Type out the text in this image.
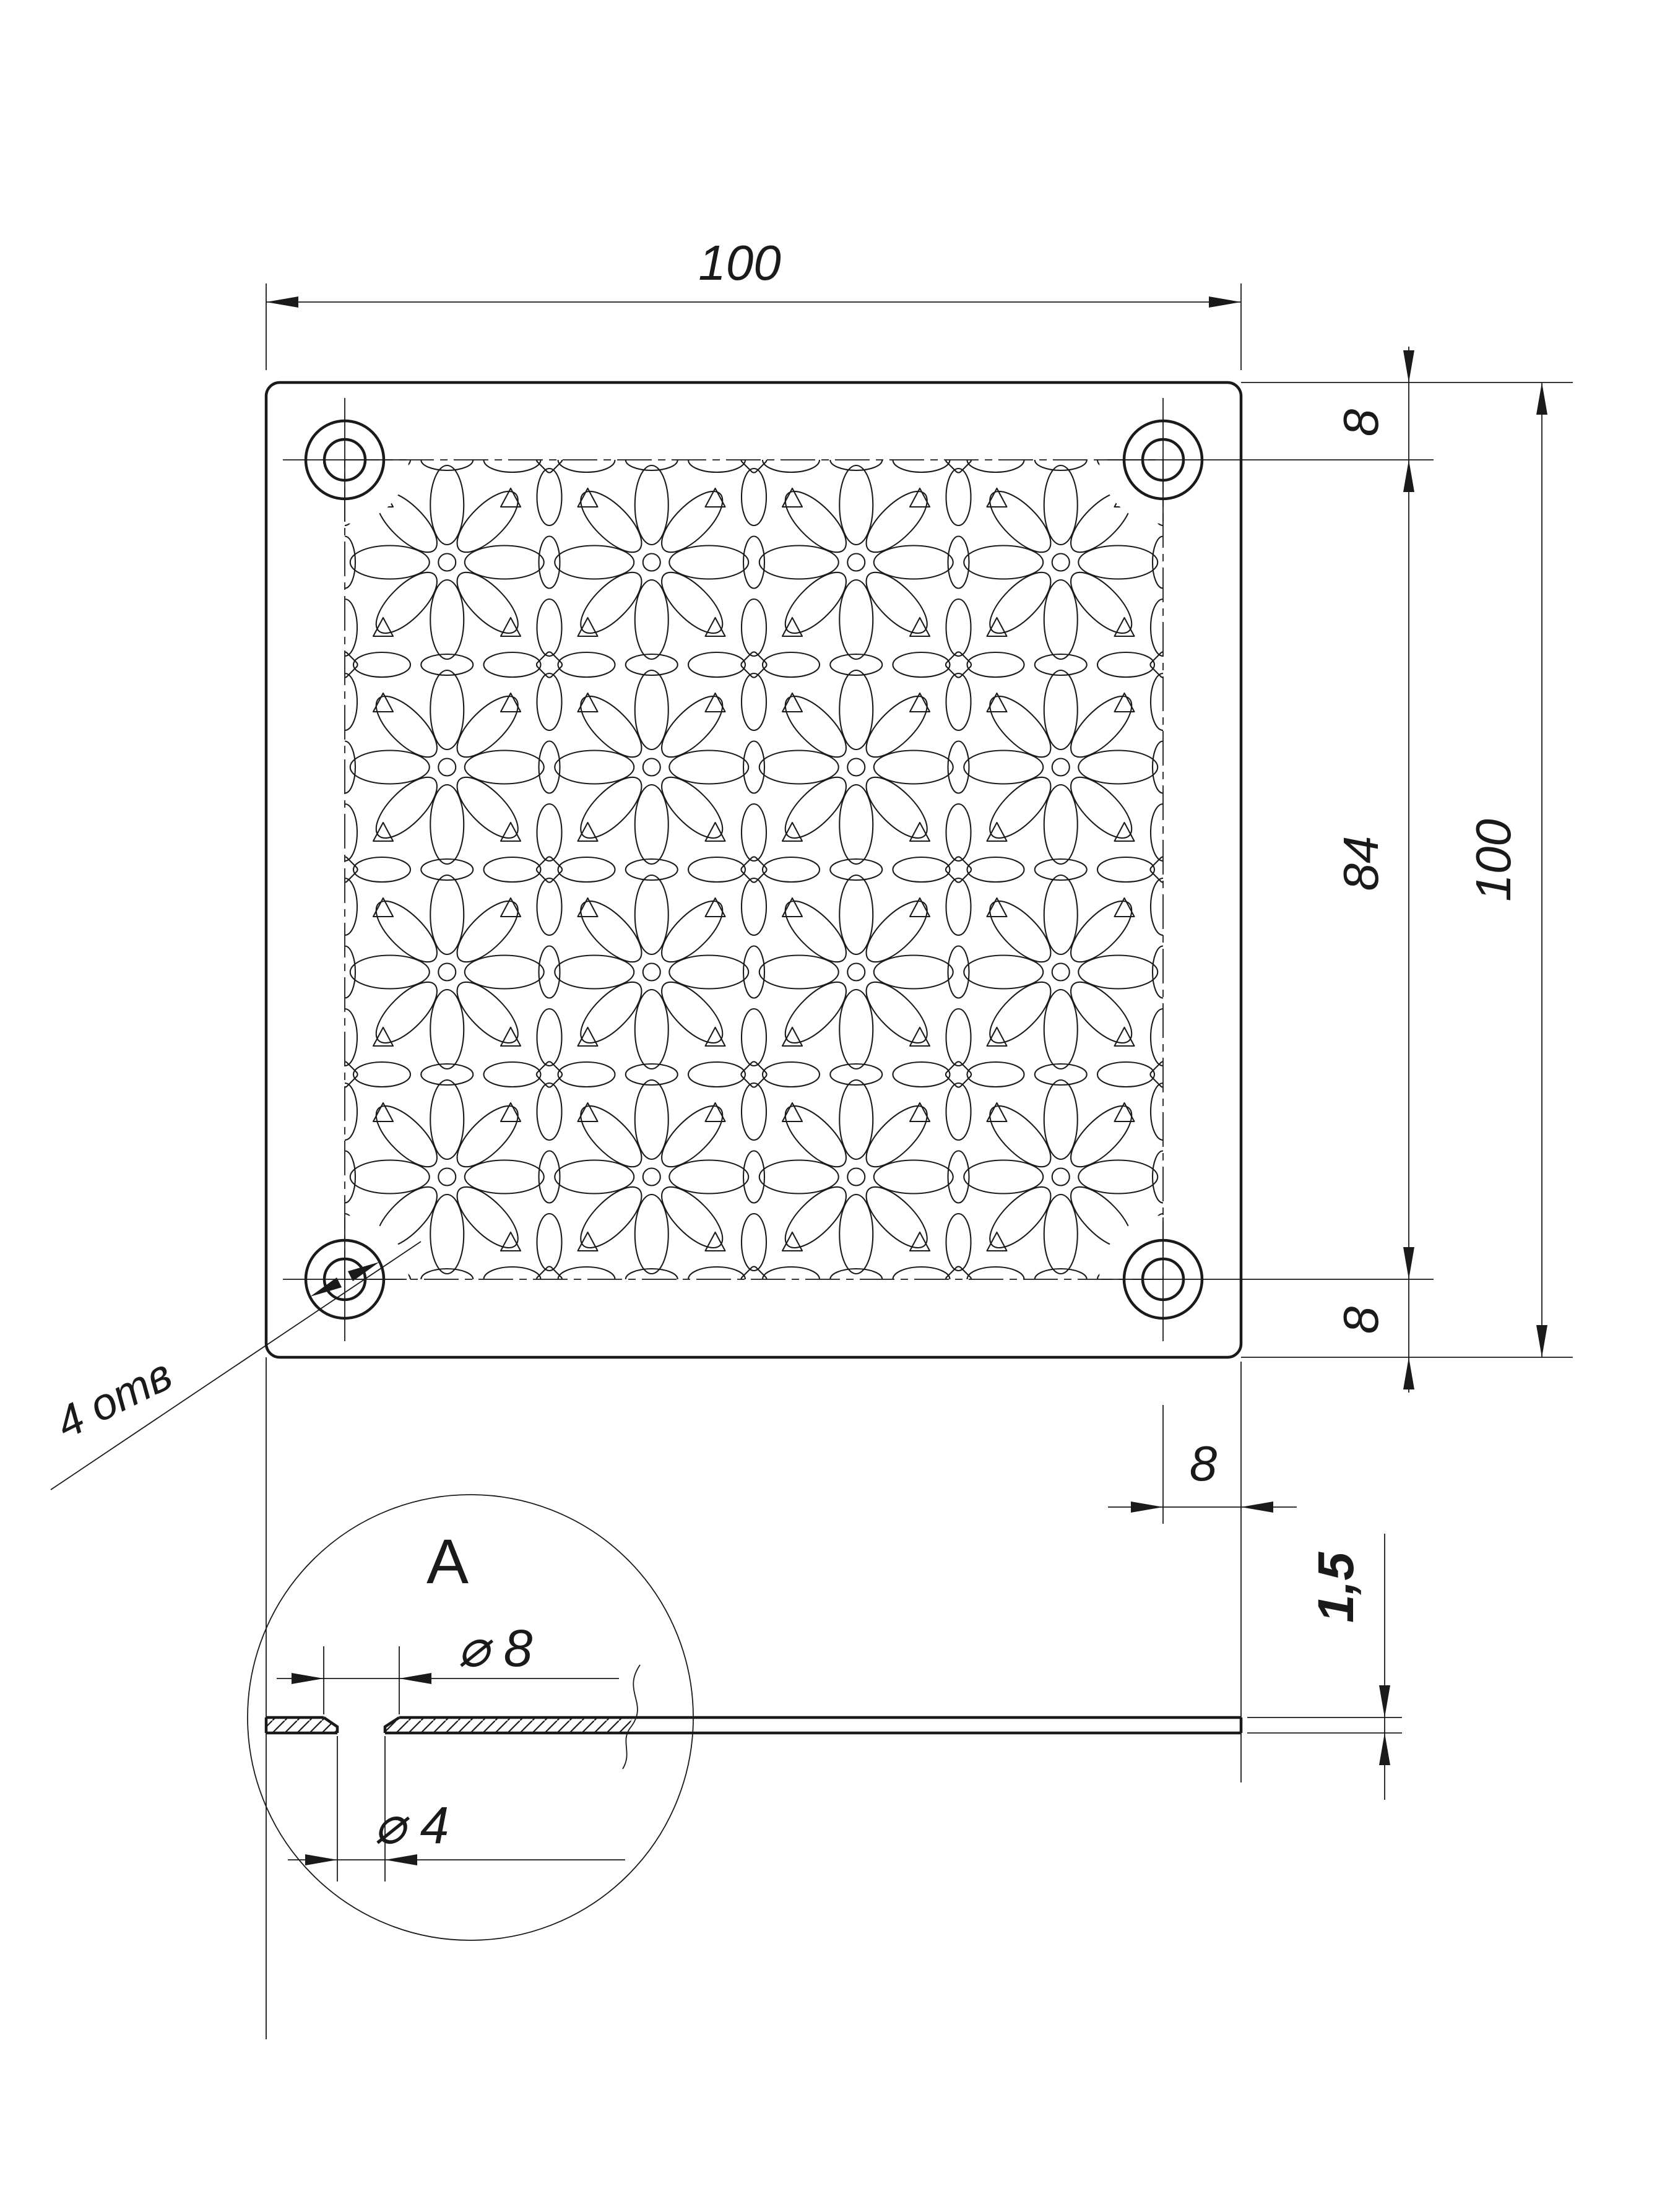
100
8
84
8
100
4 отв
8
1,5
A
⌀ 8
⌀ 4
